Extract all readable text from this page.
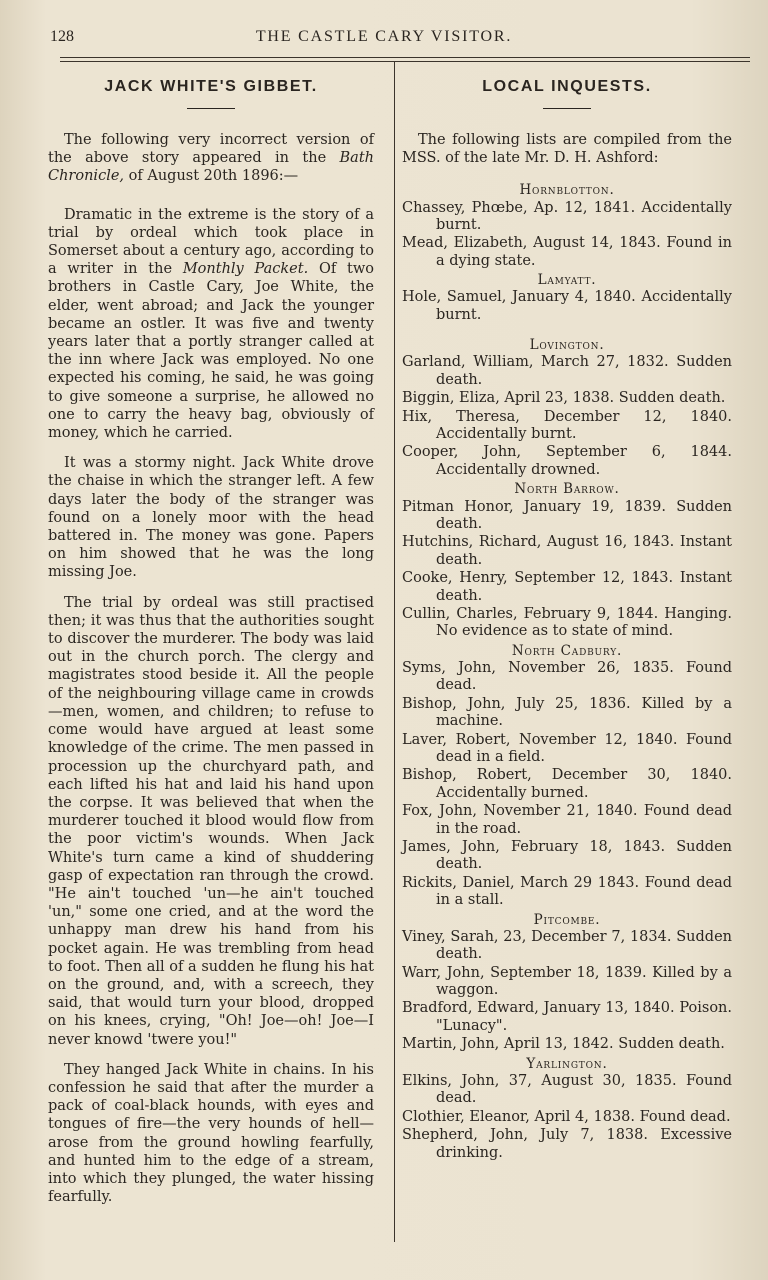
128	THE CASTLE CARY VISITOR.
JACK WHITE'S GIBBET.

The following very incorrect version of the above story appeared in the Bath Chronicle, of August 20th 1896:—

Dramatic in the extreme is the story of a trial by ordeal which took place in Somerset about a century ago, according to a writer in the Monthly Packet. Of two brothers in Castle Cary, Joe White, the elder, went abroad; and Jack the younger became an ostler. It was five and twenty years later that a portly stranger called at the inn where Jack was employed. No one expected his coming, he said, he was going to give someone a surprise, he allowed no one to carry the heavy bag, obviously of money, which he carried.

It was a stormy night. Jack White drove the chaise in which the stranger left. A few days later the body of the stranger was found on a lonely moor with the head battered in. The money was gone. Papers on him showed that he was the long missing Joe.

The trial by ordeal was still practised then; it was thus that the authorities sought to discover the murderer. The body was laid out in the church porch. The clergy and magistrates stood beside it. All the people of the neighbouring village came in crowds—men, women, and children; to refuse to come would have argued at least some knowledge of the crime. The men passed in procession up the churchyard path, and each lifted his hat and laid his hand upon the corpse. It was believed that when the murderer touched it blood would flow from the poor victim's wounds. When Jack White's turn came a kind of shuddering gasp of expectation ran through the crowd. "He ain't touched 'un—he ain't touched 'un," some one cried, and at the word the unhappy man drew his hand from his pocket again. He was trembling from head to foot. Then all of a sudden he flung his hat on the ground, and, with a screech, they said, that would turn your blood, dropped on his knees, crying, "Oh! Joe—oh! Joe—I never knowd 'twere you!"

They hanged Jack White in chains. In his confession he said that after the murder a pack of coal-black hounds, with eyes and tongues of fire—the very hounds of hell—arose from the ground howling fearfully, and hunted him to the edge of a stream, into which they plunged, the water hissing fearfully.

LOCAL INQUESTS.

The following lists are compiled from the MSS. of the late Mr. D. H. Ashford:

Hornblotton.

Chassey, Phœbe, Ap. 12, 1841. Accidentally burnt.

Mead, Elizabeth, August 14, 1843. Found in a dying state.

Lamyatt.

Hole, Samuel, January 4, 1840. Accidentally burnt.

Lovington.

Garland, William, March 27, 1832. Sudden death.

Biggin, Eliza, April 23, 1838. Sudden death.

Hix, Theresa, December 12, 1840. Accidentally burnt.

Cooper, John, September 6, 1844. Accidentally drowned.

North Barrow.

Pitman Honor, January 19, 1839. Sudden death.

Hutchins, Richard, August 16, 1843. Instant death.

Cooke, Henry, September 12, 1843. Instant death.

Cullin, Charles, February 9, 1844. Hanging. No evidence as to state of mind.

North Cadbury.

Syms, John, November 26, 1835. Found dead.

Bishop, John, July 25, 1836. Killed by a machine.

Laver, Robert, November 12, 1840. Found dead in a field.

Bishop, Robert, December 30, 1840. Accidentally burned.

Fox, John, November 21, 1840. Found dead in the road.

James, John, February 18, 1843. Sudden death.

Rickits, Daniel, March 29 1843. Found dead in a stall.

Pitcombe.

Viney, Sarah, 23, December 7, 1834. Sudden death.

Warr, John, September 18, 1839. Killed by a waggon.

Bradford, Edward, January 13, 1840. Poison. "Lunacy".

Martin, John, April 13, 1842. Sudden death.

Yarlington.

Elkins, John, 37, August 30, 1835. Found dead.

Clothier, Eleanor, April 4, 1838. Found dead.

Shepherd, John, July 7, 1838. Excessive drinking.
